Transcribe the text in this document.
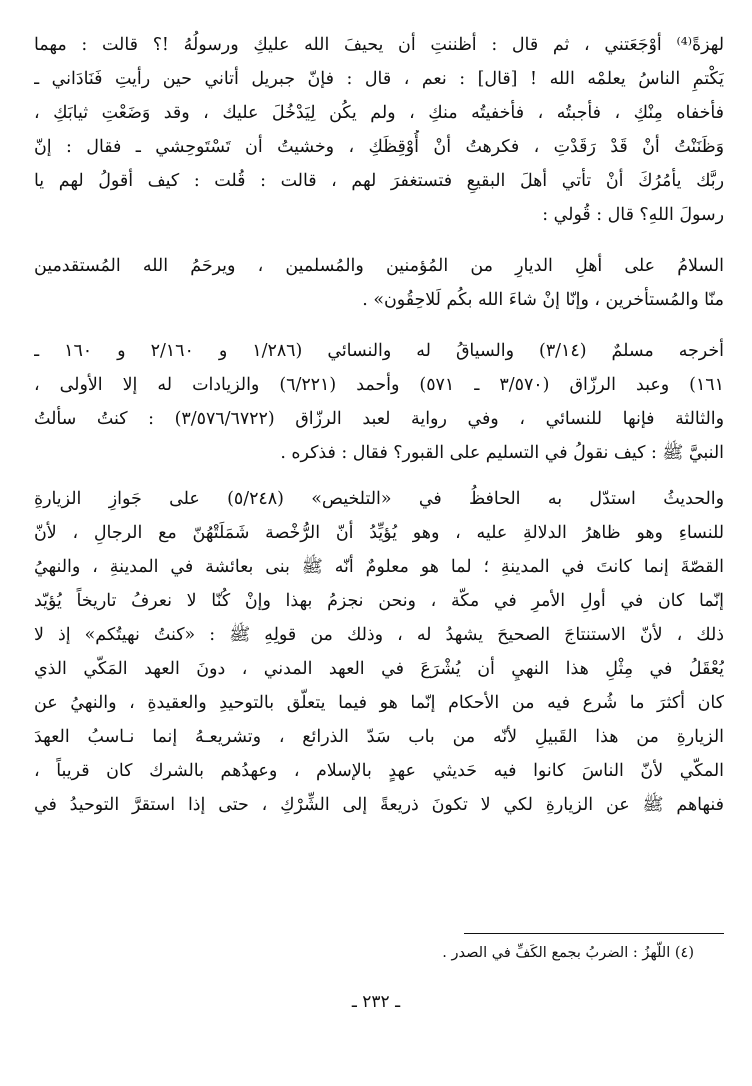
لهزةً⁽⁴⁾ أوْجَعَتني ، ثم قال : أظننتِ أن يحيفَ الله عليكِ ورسولُهُ !؟ قالت : مهما
يَكْتمِ الناسُ يعلمْه الله ! [قال] : نعم ، قال : فإنّ جبريل أتاني حين رأيتِ فَنَادَاني ـ
فأخفاه مِنْكِ ، فأجبتُه ، فأخفيتُه منكِ ، ولم يكُن لِيَدْخُلَ عليك ، وقد وَضَعْتِ ثيابَكِ ،
وَظَنَنْتُ أنْ قَدْ رَقَدْتِ ، فكرهتُ أنْ أُوْقِظَكِ ، وخشيتُ أن تَسْتَوحِشي ـ فقال : إنّ
ربَّك يأمُرُكَ أنْ تأتي أهلَ البقيعِ فتستغفرَ لهم ، قالت : قُلت : كيف أقولُ لهم يا
رسولَ اللهِ؟ قال : قُولي :
السلامُ على أهلِ الديارِ من المُؤمنين والمُسلمين ، ويرحَمُ الله المُستقدمين
منّا والمُستأخرين ، وإنّا إنْ شاءَ الله بكُم لَلاحِقُون» .
أخرجه مسلمٌ (٣/١٤) والسياقُ له والنسائي (١/٢٨٦ و ٢/١٦٠ و ١٦٠ ـ
١٦١) وعبد الرزّاق (٣/٥٧٠ ـ ٥٧١) وأحمد (٦/٢٢١) والزيادات له إلا الأولى ،
والثالثة فإنها للنسائي ، وفي رواية لعبد الرزّاق (٣/٥٧٦/٦٧٢٢) : كنتُ سألتُ
النبيَّ ﷺ : كيف نقولُ في التسليم على القبور؟ فقال : فذكره .
والحديثُ استدّل به الحافظُ في «التلخيص» (٥/٢٤٨) على جَوازِ الزيارةِ
للنساءِ وهو ظاهرُ الدلالةِ عليه ، وهو يُؤيِّدُ أنّ الرُّخْصة شَمَلَتْهُنّ مع الرجالِ ، لأنّ
القصّةَ إنما كانتَ في المدينةِ ؛ لما هو معلومٌ أنّه ﷺ بنى بعائشة في المدينةِ ، والنهيُ
إنّما كان في أولِ الأمرِ في مكّة ، ونحن نجزمُ بهذا وإنْ كُنّا لا نعرفُ تاريخاً يُؤيّد
ذلك ، لأنّ الاستنتاجَ الصحيحَ يشهدُ له ، وذلك من قولِهِ ﷺ : «كنتُ نهيتُكم» إذ لا
يُعْقَلُ في مِثْلِ هذا النهيِ أن يُشْرَعَ في العهد المدني ، دونَ العهد المَكّي الذي
كان أكثرَ ما شُرع فيه من الأحكام إنّما هو فيما يتعلّق بالتوحيدِ والعقيدةِ ، والنهيُ عن
الزيارةِ من هذا القَبيلِ لأنّه من باب سَدّ الذرائع ، وتشريعـهُ إنما نـاسبُ العهدَ
المكّي لأنّ الناسَ كانوا فيه حَديثي عهدٍ بالإسلام ، وعهدُهم بالشرك كان قريباً ،
فنهاهم ﷺ عن الزيارةِ لكي لا تكونَ ذريعةً إلى الشِّرْكِ ، حتى إذا استقرَّ التوحيدُ في
(٤) اللّهزُ : الضربُ بجمع الكَفِّ في الصدر .
ـ ٢٣٢ ـ
